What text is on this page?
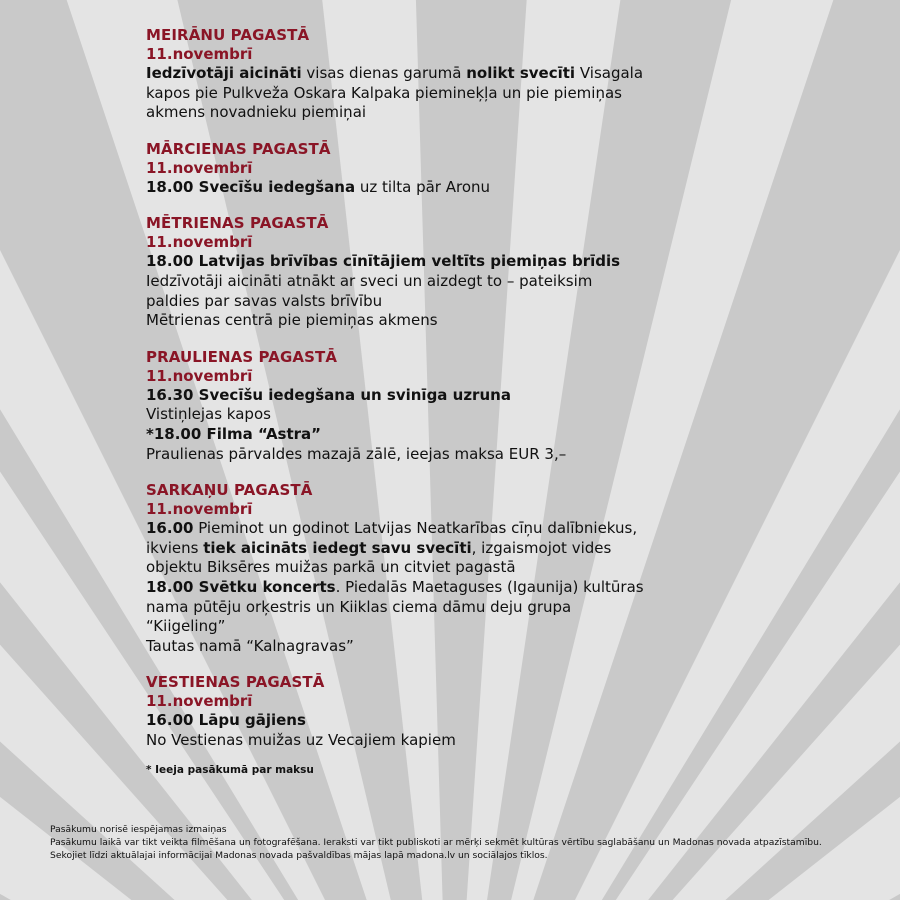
MEIRĀNU PAGASTĀ
11.novembrī
Iedzīvotāji aicināti visas dienas garumā nolikt svecīti Visagala
kapos pie Pulkveža Oskara Kalpaka piemineķļa un pie piemiņas
akmens novadnieku piemiņai
MĀRCIENAS PAGASTĀ
11.novembrī
18.00 Svecīšu iedegšana uz tilta pār Aronu
MĒTRIENAS PAGASTĀ
11.novembrī
18.00 Latvijas brīvības cīnītājiem veltīts piemiņas brīdis
Iedzīvotāji aicināti atnākt ar sveci un aizdegt to – pateiksim
paldies par savas valsts brīvību
Mētrienas centrā pie piemiņas akmens
PRAULIENAS PAGASTĀ
11.novembrī
16.30 Svecīšu iedegšana un svinīga uzruna
Vistiņlejas kapos
*18.00 Filma “Astra”
Praulienas pārvaldes mazajā zālē, ieejas maksa EUR 3,–
SARKAŅU PAGASTĀ
11.novembrī
16.00 Pieminot un godinot Latvijas Neatkarības cīņu dalībniekus,
ikviens tiek aicināts iedegt savu svecīti, izgaismojot vides
objektu Biksēres muižas parkā un citviet pagastā
18.00 Svētku koncerts. Piedalās Maetaguses (Igaunija) kultūras
nama pūtēju orķestris un Kiiklas ciema dāmu deju grupa
“Kiigeling”
Tautas namā “Kalnagravas”
VESTIENAS PAGASTĀ
11.novembrī
16.00 Lāpu gājiens
No Vestienas muižas uz Vecajiem kapiem
* Ieeja pasākumā par maksu
Pasākumu norisē iespējamas izmaiņas
Pasākumu laikā var tikt veikta filmēšana un fotografēšana. Ieraksti var tikt publiskoti ar mērķi sekmēt kultūras vērtību saglabāšanu un Madonas novada atpazīstamību.
Sekojiet līdzi aktuālajai informācijai Madonas novada pašvaldības mājas lapā madona.lv un sociālajos tīklos.
